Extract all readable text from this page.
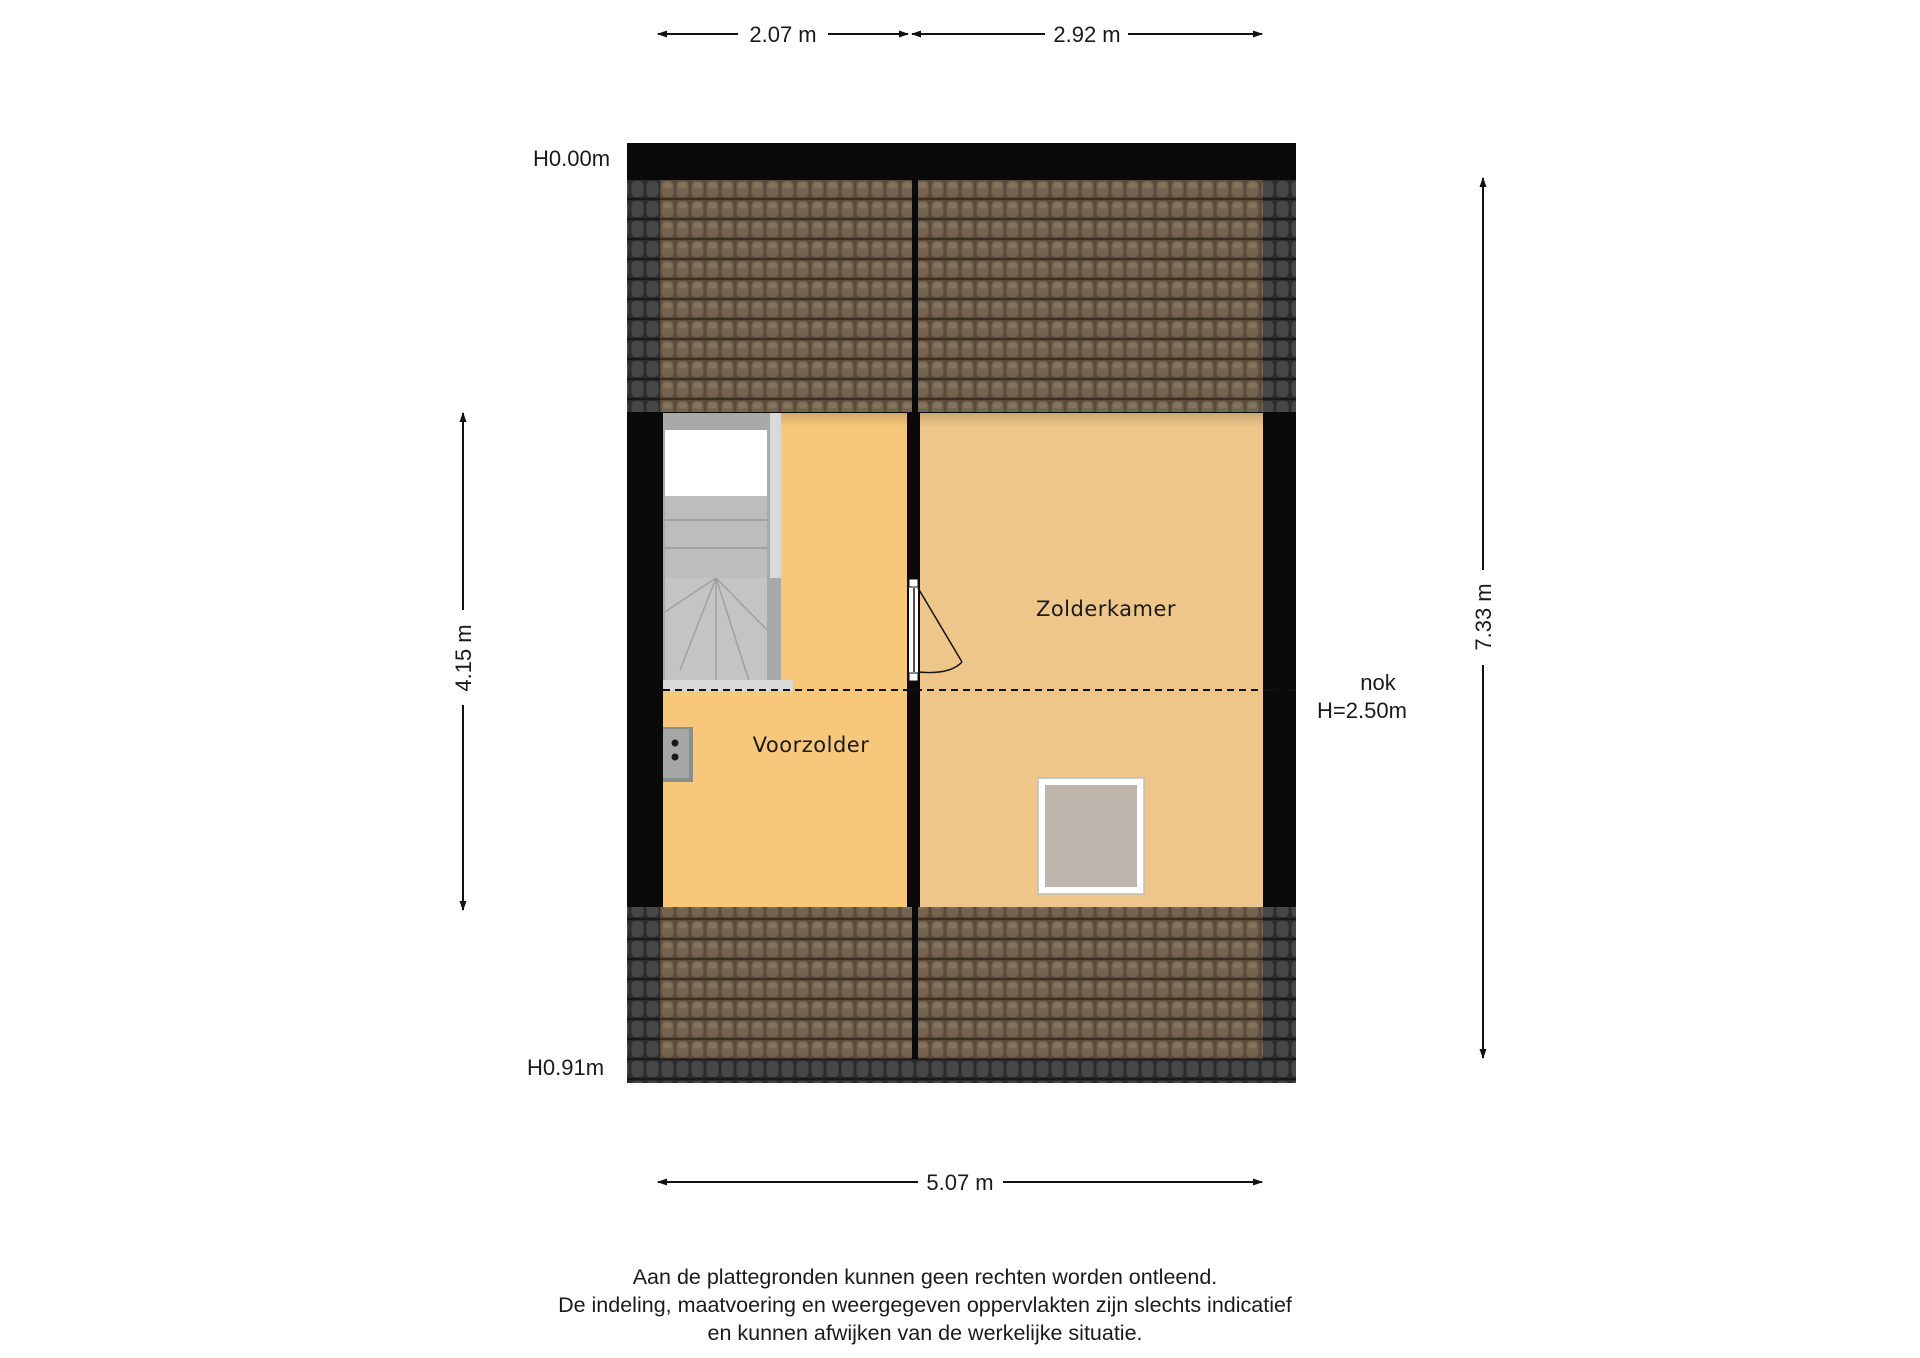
2.07 m	2.92 m
5.07 m
4.15 m
7.33 m
H0.00m
H0.91m
Zolderkamer
Voorzolder
nok
H=2.50m
Aan de plattegronden kunnen geen rechten worden ontleend.
De indeling, maatvoering en weergegeven oppervlakten zijn slechts indicatief
en kunnen afwijken van de werkelijke situatie.
